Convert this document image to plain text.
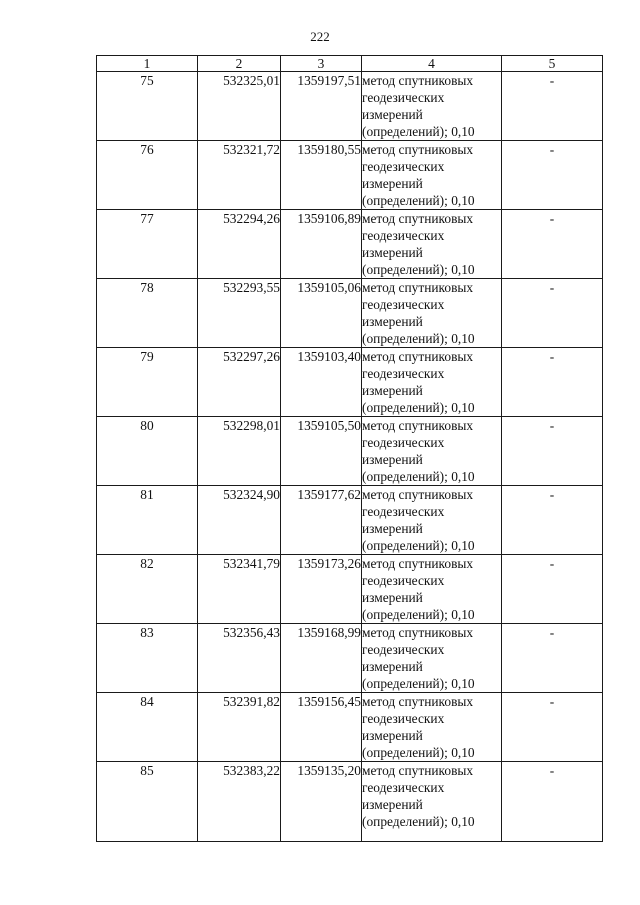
222
1	2	3	4	5

75	532325,01	1359197,51	метод спутниковых
геодезических
измерений
(определений); 0,10	-

76	532321,72	1359180,55	метод спутниковых
геодезических
измерений
(определений); 0,10	-

77	532294,26	1359106,89	метод спутниковых
геодезических
измерений
(определений); 0,10	-

78	532293,55	1359105,06	метод спутниковых
геодезических
измерений
(определений); 0,10	-

79	532297,26	1359103,40	метод спутниковых
геодезических
измерений
(определений); 0,10	-

80	532298,01	1359105,50	метод спутниковых
геодезических
измерений
(определений); 0,10	-

81	532324,90	1359177,62	метод спутниковых
геодезических
измерений
(определений); 0,10	-

82	532341,79	1359173,26	метод спутниковых
геодезических
измерений
(определений); 0,10	-

83	532356,43	1359168,99	метод спутниковых
геодезических
измерений
(определений); 0,10	-

84	532391,82	1359156,45	метод спутниковых
геодезических
измерений
(определений); 0,10	-

85	532383,22	1359135,20	метод спутниковых
геодезических
измерений
(определений); 0,10	-
